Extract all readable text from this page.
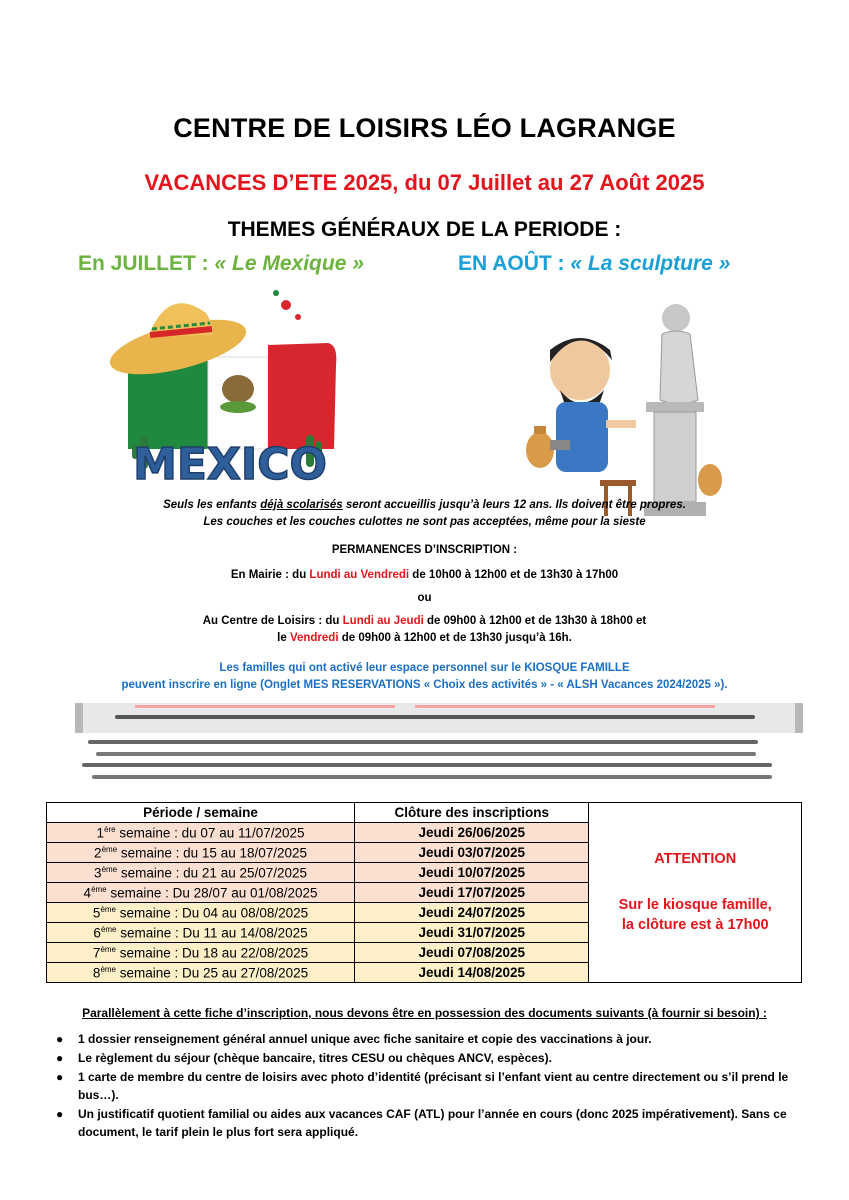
CENTRE DE LOISIRS LÉO LAGRANGE
VACANCES D’ETE 2025, du 07 Juillet au 27 Août 2025
THEMES GÉNÉRAUX DE LA PERIODE :
En JUILLET : « Le Mexique »	EN AOÛT : « La sculpture »
MEXICO
Seuls les enfants déjà scolarisés seront accueillis jusqu’à leurs 12 ans. Ils doivent être propres.
Les couches et les couches culottes ne sont pas acceptées, même pour la sieste
PERMANENCES D’INSCRIPTION :
En Mairie : du Lundi au Vendredi de 10h00 à 12h00 et de 13h30 à 17h00
ou
Au Centre de Loisirs : du Lundi au Jeudi de 09h00 à 12h00 et de 13h30 à 18h00 et
le Vendredi de 09h00 à 12h00 et de 13h30 jusqu’à 16h.
Les familles qui ont activé leur espace personnel sur le KIOSQUE FAMILLE
peuvent inscrire en ligne (Onglet MES RESERVATIONS « Choix des activités » - « ALSH Vacances 2024/2025 »).
Période / semaine	Clôture des inscriptions	ATTENTION
Sur le kiosque famille,
la clôture est à 17h00

1ère semaine : du 07 au 11/07/2025	Jeudi 26/06/2025	
2ème semaine : du 15 au 18/07/2025	Jeudi 03/07/2025	
3ème semaine : du 21 au 25/07/2025	Jeudi 10/07/2025	
4ème semaine : Du 28/07 au 01/08/2025	Jeudi 17/07/2025	
5ème semaine : Du 04 au 08/08/2025	Jeudi 24/07/2025	
6ème semaine : Du 11 au 14/08/2025	Jeudi 31/07/2025	
7ème semaine : Du 18 au 22/08/2025	Jeudi 07/08/2025	
8ème semaine : Du 25 au 27/08/2025	Jeudi 14/08/2025	
Parallèlement à cette fiche d’inscription, nous devons être en possession des documents suivants (à fournir si besoin) :
● 1 dossier renseignement général annuel unique avec fiche sanitaire et copie des vaccinations à jour.
● Le règlement du séjour (chèque bancaire, titres CESU ou chèques ANCV, espèces).
● 1 carte de membre du centre de loisirs avec photo d’identité (précisant si l’enfant vient au centre directement ou s’il prend le bus…).
● Un justificatif quotient familial ou aides aux vacances CAF (ATL) pour l’année en cours (donc 2025 impérativement). Sans ce document, le tarif plein le plus fort sera appliqué.
